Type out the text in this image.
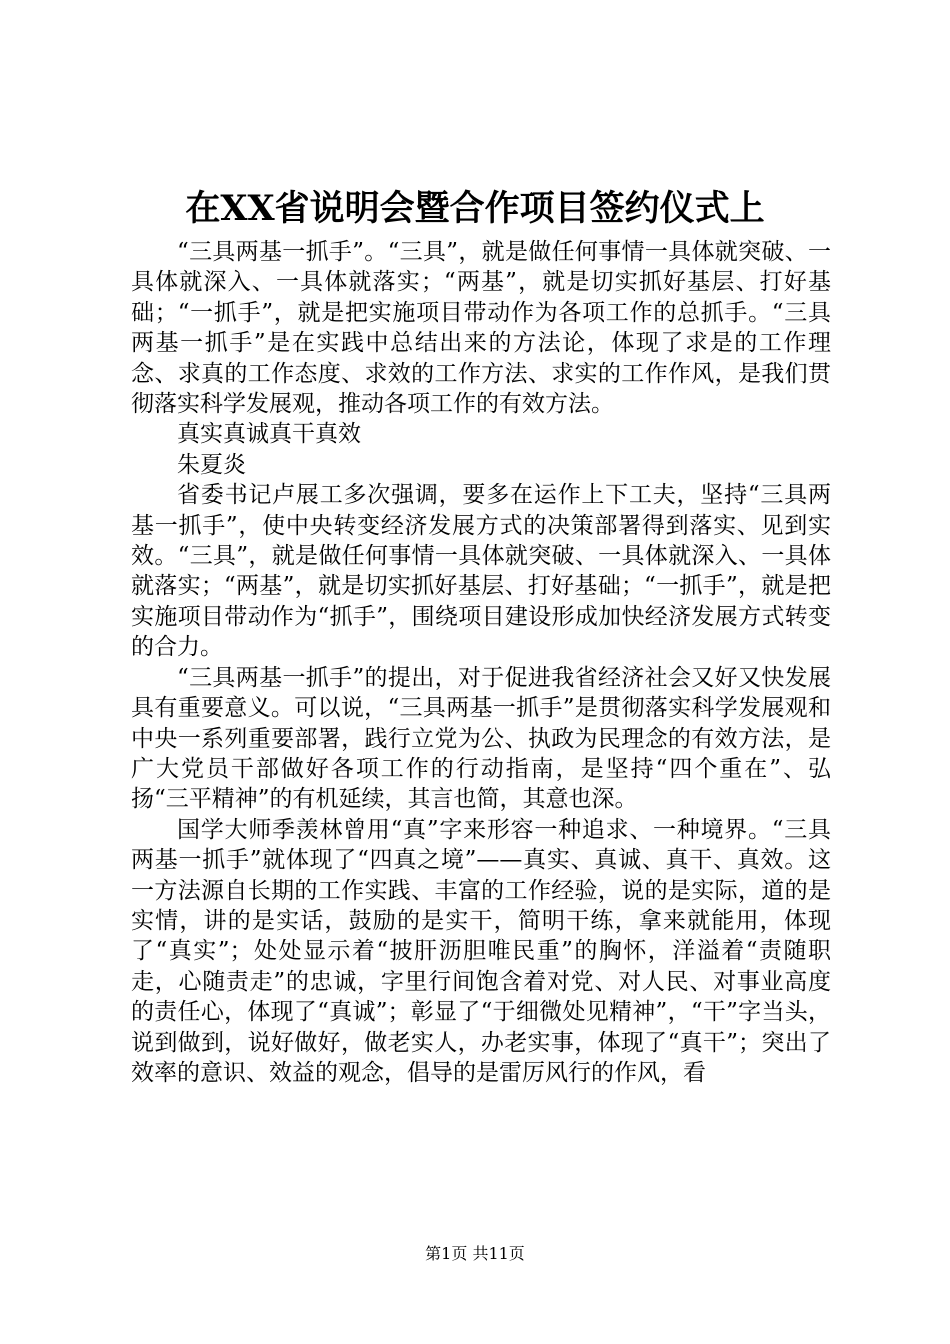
在XX省说明会暨合作项目签约仪式上

“三具两基一抓手”。“三具”，就是做任何事情一具体就突破、一具体就深入、一具体就落实；“两基”，就是切实抓好基层、打好基础；“一抓手”，就是把实施项目带动作为各项工作的总抓手。“三具两基一抓手”是在实践中总结出来的方法论，体现了求是的工作理念、求真的工作态度、求效的工作方法、求实的工作作风，是我们贯彻落实科学发展观，推动各项工作的有效方法。

真实真诚真干真效

朱夏炎

省委书记卢展工多次强调，要多在运作上下工夫，坚持“三具两基一抓手”，使中央转变经济发展方式的决策部署得到落实、见到实效。“三具”，就是做任何事情一具体就突破、一具体就深入、一具体就落实；“两基”，就是切实抓好基层、打好基础；“一抓手”，就是把实施项目带动作为“抓手”，围绕项目建设形成加快经济发展方式转变的合力。

“三具两基一抓手”的提出，对于促进我省经济社会又好又快发展具有重要意义。可以说，“三具两基一抓手”是贯彻落实科学发展观和中央一系列重要部署，践行立党为公、执政为民理念的有效方法，是广大党员干部做好各项工作的行动指南，是坚持“四个重在”、弘扬“三平精神”的有机延续，其言也简，其意也深。

国学大师季羡林曾用“真”字来形容一种追求、一种境界。“三具两基一抓手”就体现了“四真之境”——真实、真诚、真干、真效。这一方法源自长期的工作实践、丰富的工作经验，说的是实际，道的是实情，讲的是实话，鼓励的是实干，简明干练，拿来就能用，体现了“真实”；处处显示着“披肝沥胆唯民重”的胸怀，洋溢着“责随职走，心随责走”的忠诚，字里行间饱含着对党、对人民、对事业高度的责任心，体现了“真诚”；彰显了“于细微处见精神”，“干”字当头，说到做到，说好做好，做老实人，办老实事，体现了“真干”；突出了效率的意识、效益的观念，倡导的是雷厉风行的作风，看

第1页 共11页
